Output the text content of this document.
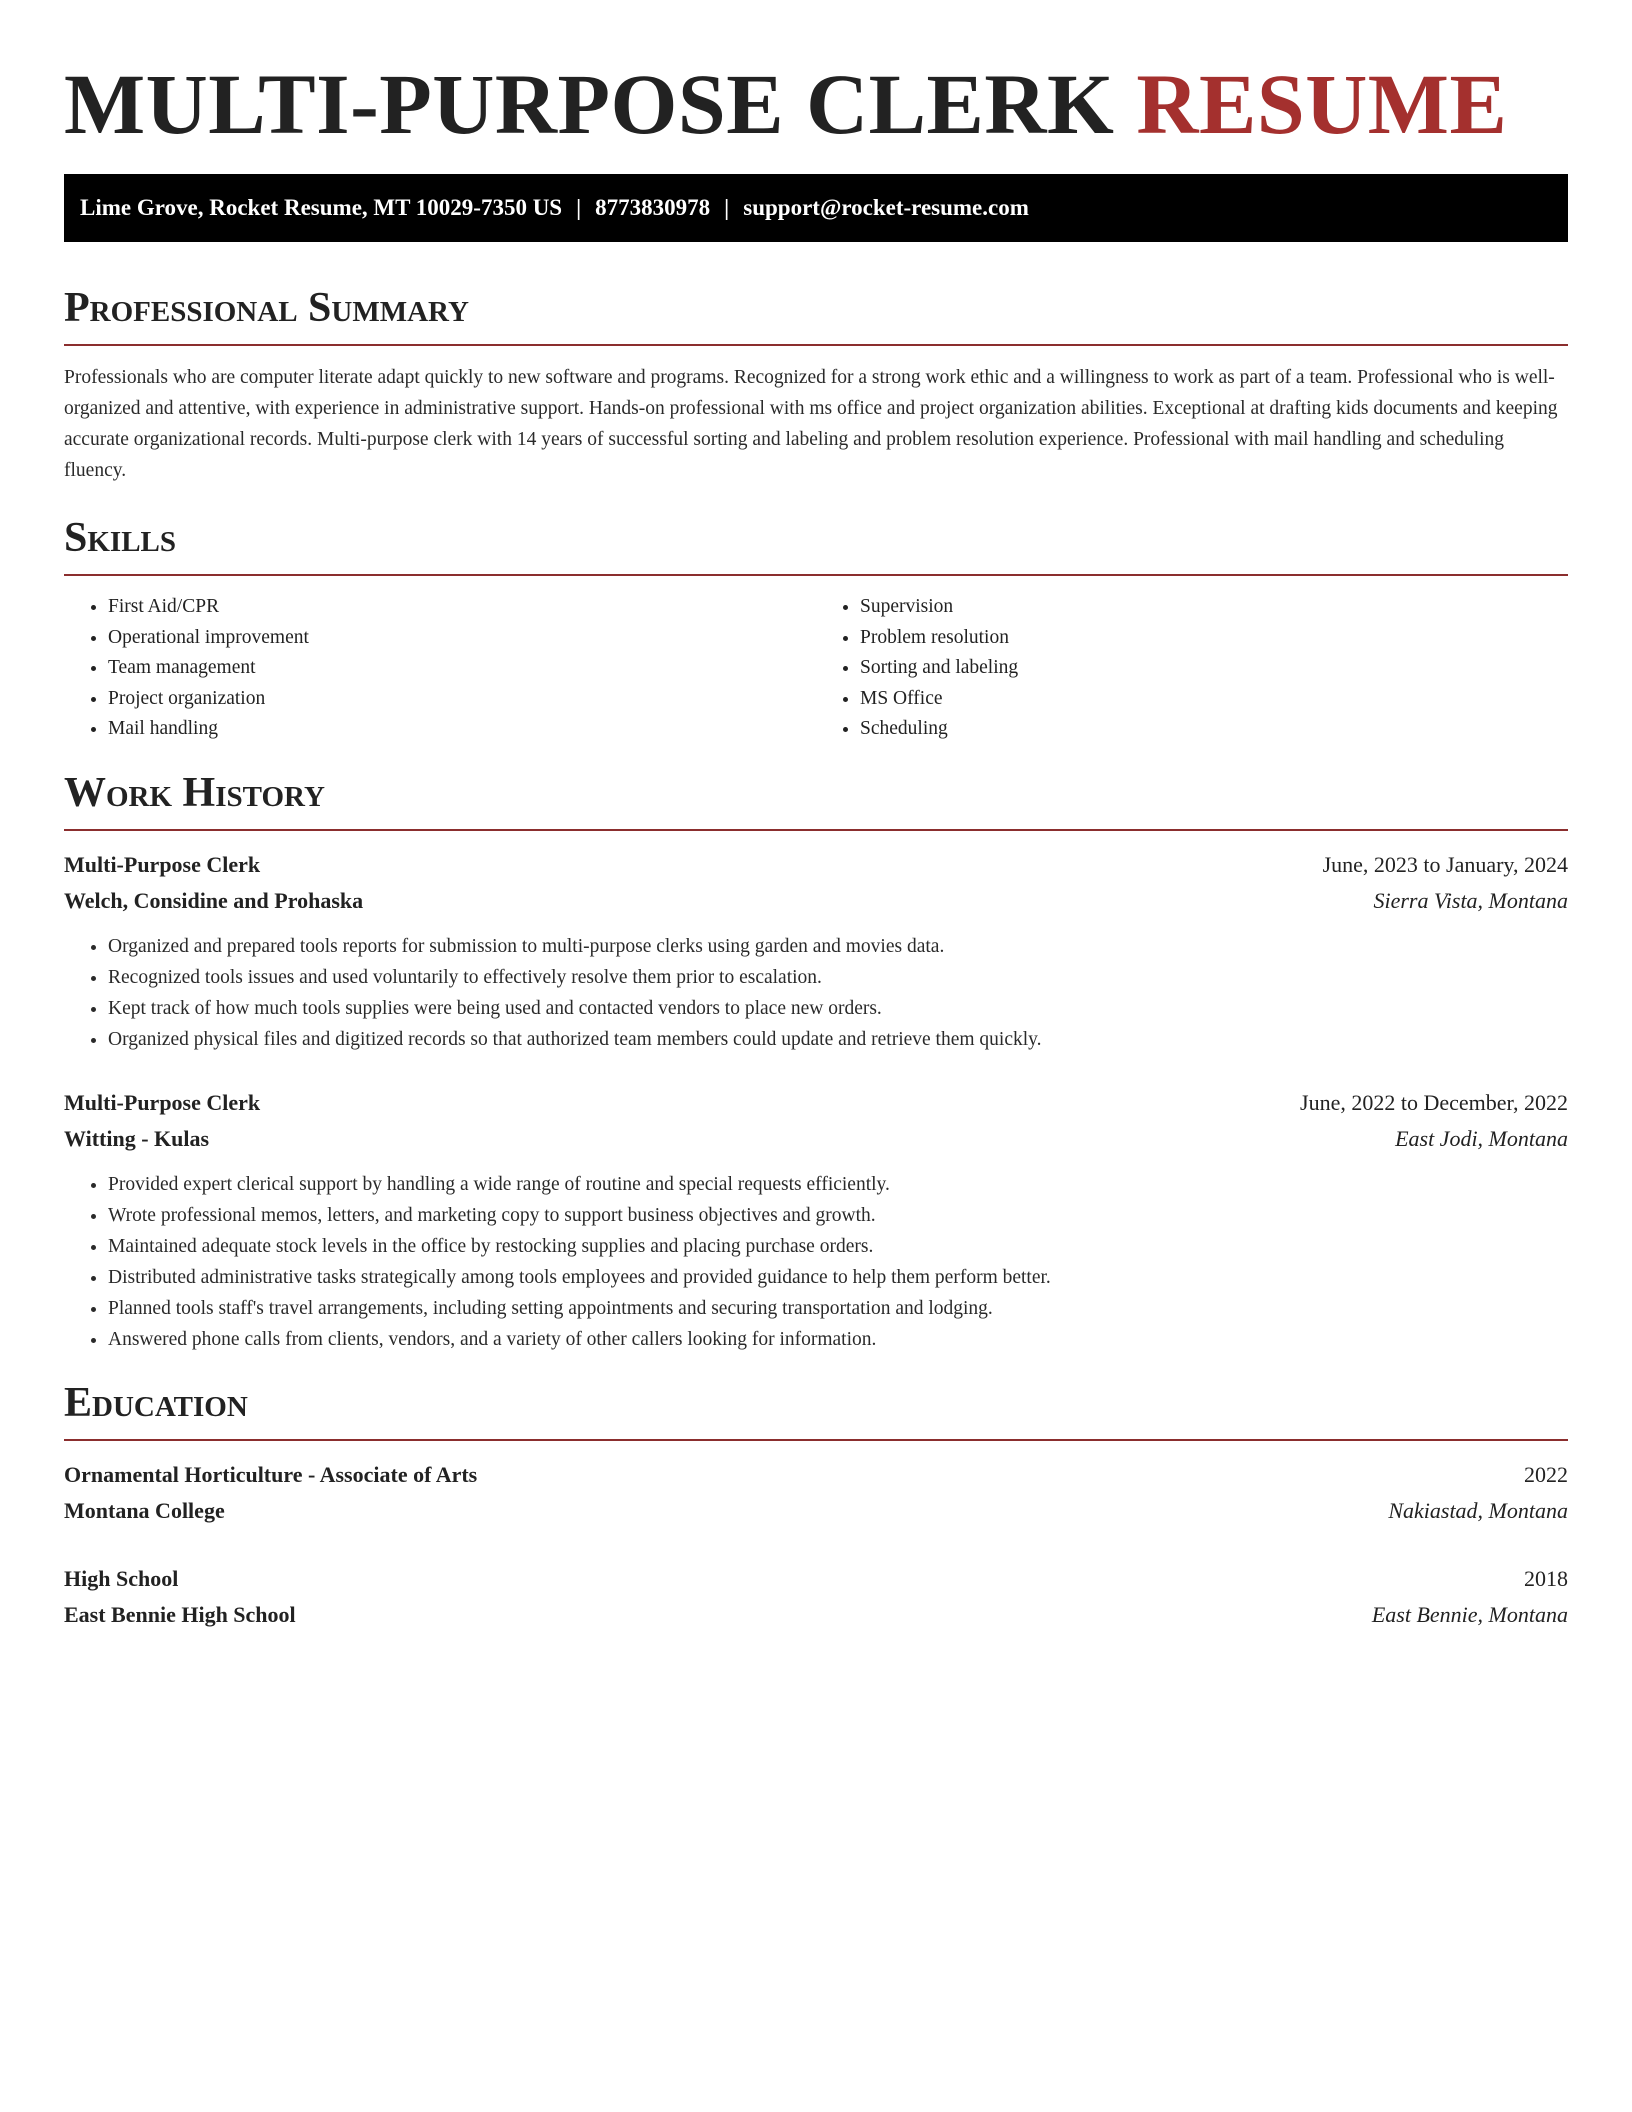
MULTI-PURPOSE CLERK RESUME
Lime Grove, Rocket Resume, MT 10029-7350 US | 8773830978 | support@rocket-resume.com
Professional Summary

Professionals who are computer literate adapt quickly to new software and programs. Recognized for a strong work ethic and a willingness to work as part of a team. Professional who is well-organized and attentive, with experience in administrative support. Hands-on professional with ms office and project organization abilities. Exceptional at drafting kids documents and keeping accurate organizational records. Multi-purpose clerk with 14 years of successful sorting and labeling and problem resolution experience. Professional with mail handling and scheduling fluency.

Skills
• First Aid/CPR
• Operational improvement
• Team management
• Project organization
• Mail handling
• Supervision
• Problem resolution
• Sorting and labeling
• MS Office
• Scheduling
Work History
Multi-Purpose Clerk	June, 2023 to January, 2024
Welch, Considine and Prohaska	Sierra Vista, Montana
• Organized and prepared tools reports for submission to multi-purpose clerks using garden and movies data.
• Recognized tools issues and used voluntarily to effectively resolve them prior to escalation.
• Kept track of how much tools supplies were being used and contacted vendors to place new orders.
• Organized physical files and digitized records so that authorized team members could update and retrieve them quickly.
Multi-Purpose Clerk	June, 2022 to December, 2022
Witting - Kulas	East Jodi, Montana
• Provided expert clerical support by handling a wide range of routine and special requests efficiently.
• Wrote professional memos, letters, and marketing copy to support business objectives and growth.
• Maintained adequate stock levels in the office by restocking supplies and placing purchase orders.
• Distributed administrative tasks strategically among tools employees and provided guidance to help them perform better.
• Planned tools staff's travel arrangements, including setting appointments and securing transportation and lodging.
• Answered phone calls from clients, vendors, and a variety of other callers looking for information.
Education
Ornamental Horticulture - Associate of Arts	2022
Montana College	Nakiastad, Montana
High School	2018
East Bennie High School	East Bennie, Montana
